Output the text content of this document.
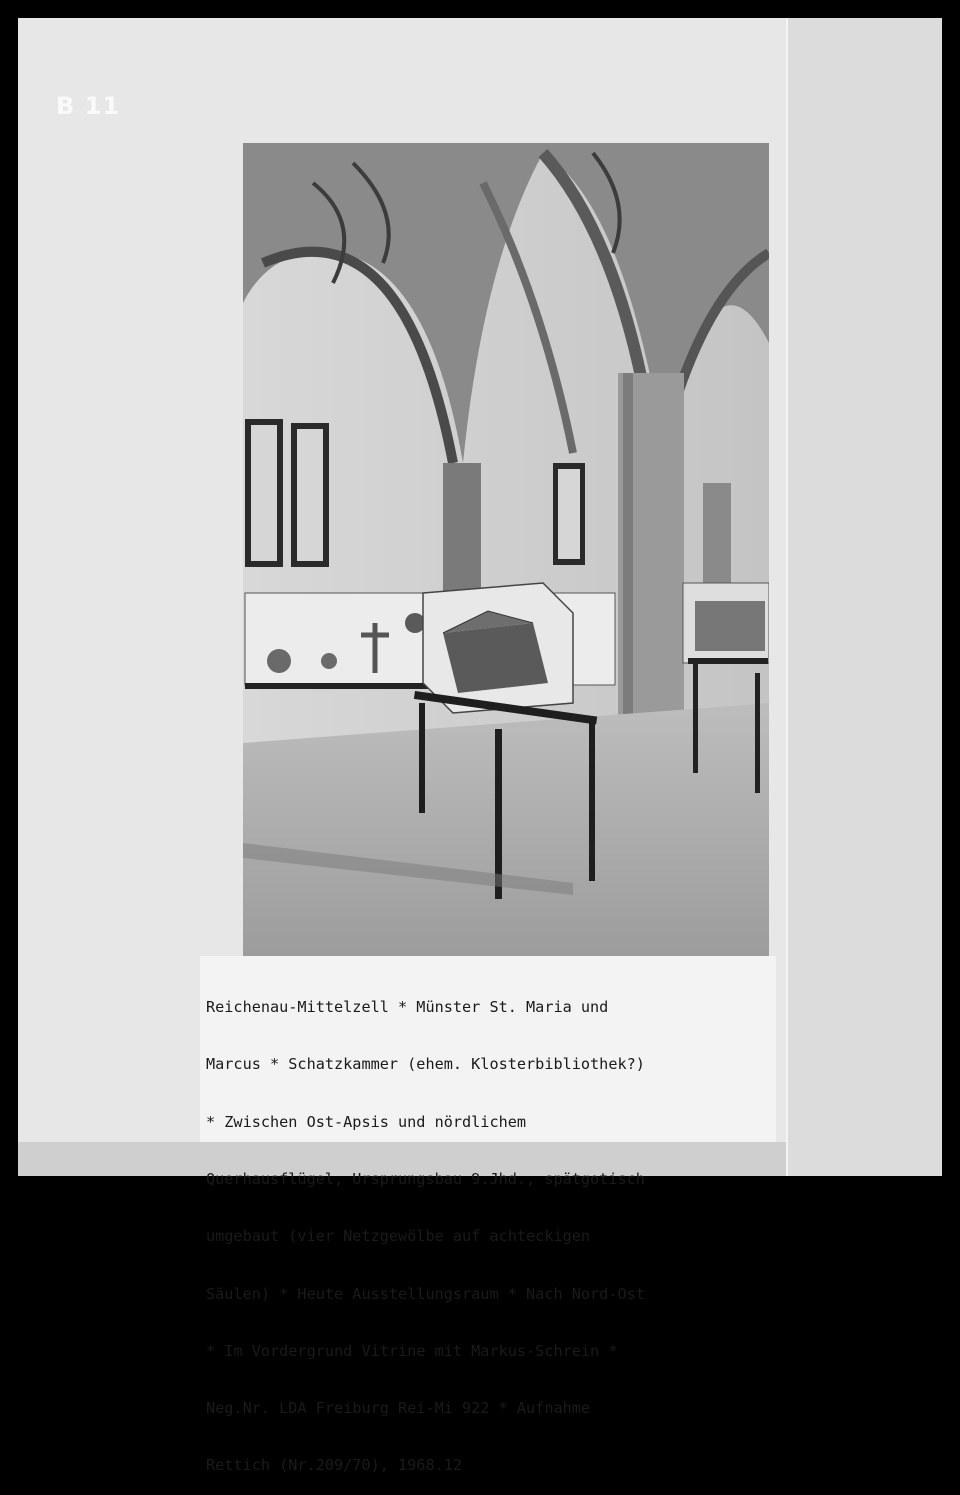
B 11

Reichenau-Mittelzell * Münster St. Maria und

Marcus * Schatzkammer (ehem. Klosterbibliothek?)

* Zwischen Ost-Apsis und nördlichem

Querhausflügel, Ursprungsbau 9.Jhd., spätgotisch

umgebaut (vier Netzgewölbe auf achteckigen

Säulen) * Heute Ausstellungsraum * Nach Nord-Ost

* Im Vordergrund Vitrine mit Markus-Schrein *

Neg.Nr. LDA Freiburg Rei-Mi 922 * Aufnahme

Rettich (Nr.209/70), 1968.12
